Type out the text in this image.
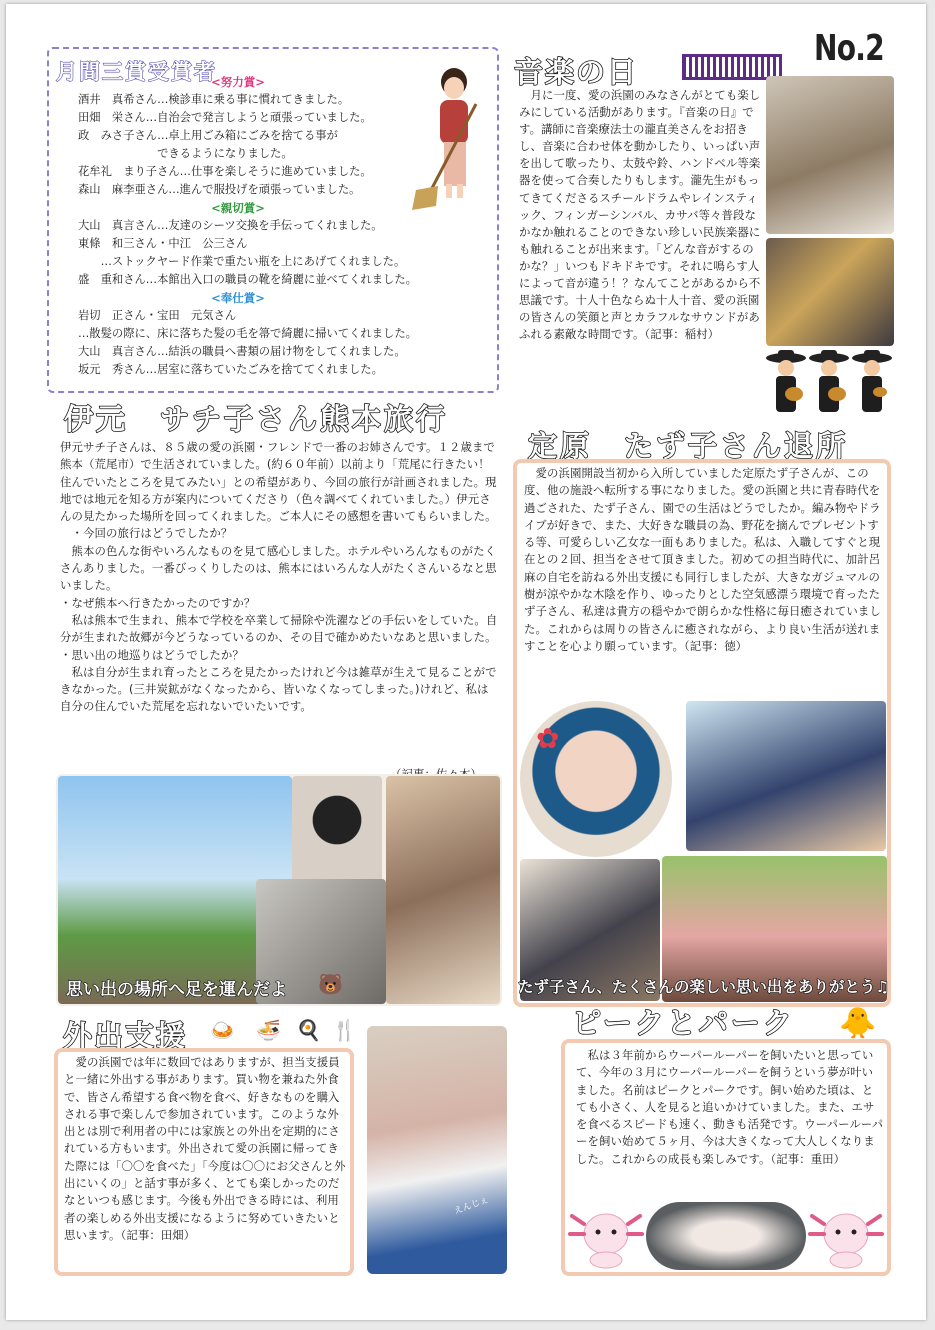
No.2
月間三賞受賞者
<努力賞>
酒井　真希さん…検診車に乗る事に慣れてきました。
田畑　栄さん…自治会で発言しようと頑張っていました。
政　みさ子さん…卓上用ごみ箱にごみを捨てる事が
　　　　　　　できるようになりました。
花牟礼　まり子さん…仕事を楽しそうに進めていました。
森山　麻李亜さん…進んで服投げを頑張っていました。
<親切賞>
大山　真言さん…友達のシーツ交換を手伝ってくれました。
東條　和三さん・中江　公三さん
　　…ストックヤード作業で重たい瓶を上にあげてくれました。
盛　重和さん…本館出入口の職員の靴を綺麗に並べてくれました。
<奉仕賞>
岩切　正さん・宝田　元気さん
…散髪の際に、床に落ちた髪の毛を箒で綺麗に掃いてくれました。
大山　真言さん…結浜の職員へ書類の届け物をしてくれました。
坂元　秀さん…居室に落ちていたごみを捨ててくれました。
音楽の日

　月に一度、愛の浜園のみなさんがとても楽しみにしている活動があります。『音楽の日』です。講師に音楽療法士の瀧直美さんをお招きし、音楽に合わせ体を動かしたり、いっぱい声を出して歌ったり、太鼓や鈴、ハンドベル等楽器を使って合奏したりもします。瀧先生がもってきてくださるスチールドラムやレインスティック、フィンガーシンバル、カサバ等々普段なかなか触れることのできない珍しい民族楽器にも触れることが出来ます。「どんな音がするのかな？」いつもドキドキです。それに鳴らす人によって音が違う！？なんてことがあるから不思議です。十人十色ならぬ十人十音、愛の浜園の皆さんの笑顔と声とカラフルなサウンドがあふれる素敵な時間です。（記事：稲村）

伊元　サチ子さん熊本旅行

伊元サチ子さんは、８５歳の愛の浜園・フレンドで一番のお姉さんです。１２歳まで熊本（荒尾市）で生活されていました。(約６０年前）以前より「荒尾に行きたい！住んでいたところを見てみたい」との希望があり、今回の旅行が計画されました。現地では地元を知る方が案内についてくださり（色々調べてくれていました。）伊元さんの見たかった場所を回ってくれました。ご本人にその感想を書いてもらいました。

　・今回の旅行はどうでしたか？

　熊本の色んな街やいろんなものを見て感心しました。ホテルやいろんなものがたくさんありました。一番びっくりしたのは、熊本にはいろんな人がたくさんいるなと思いました。

・なぜ熊本へ行きたかったのですか？

　私は熊本で生まれ、熊本で学校を卒業して掃除や洗濯などの手伝いをしていた。自分が生まれた故郷が今どうなっているのか、その目で確かめたいなあと思いました。

・思い出の地巡りはどうでしたか？

　私は自分が生まれ育ったところを見たかったけれど今は雑草が生えて見ることができなかった。(三井炭鉱がなくなったから、皆いなくなってしまった。)けれど、私は自分の住んでいた荒尾を忘れないでいたいです。

思い出の場所へ足を運んだよ 🐻
定原　たず子さん退所

　愛の浜園開設当初から入所していました定原たず子さんが、この度、他の施設へ転所する事になりました。愛の浜園と共に青春時代を過ごされた、たず子さん、園での生活はどうでしたか。編み物やドライブが好きで、また、大好きな職員の為、野花を摘んでプレゼントする等、可愛らしい乙女な一面もありました。私は、入職してすぐと現在との２回、担当をさせて頂きました。初めての担当時代に、加計呂麻の自宅を訪ねる外出支援にも同行しましたが、大きなガジュマルの樹が涼やかな木陰を作り、ゆったりとした空気感漂う環境で育ったたず子さん、私達は貴方の穏やかで朗らかな性格に毎日癒されていました。これからは周りの皆さんに癒されながら、より良い生活が送れますことを心より願っています。（記事：徳）

✿
たず子さん、たくさんの楽しい思い出をありがとう♫
外出支援 🍛 🍜 🍳 🍴

　愛の浜園では年に数回ではありますが、担当支援員と一緒に外出する事があります。買い物を兼ねた外食で、皆さん希望する食べ物を食べ、好きなものを購入される事で楽しんで参加されています。このような外出とは別で利用者の中には家族との外出を定期的にされている方もいます。外出されて愛の浜園に帰ってきた際には「〇〇を食べた」「今度は〇〇にお父さんと外出にいくの」と話す事が多く、とても楽しかったのだなといつも感じます。今後も外出できる時には、利用者の楽しめる外出支援になるように努めていきたいと思います。（記事：田畑）

えんじぇ
ピークとパーク 🐥

　私は３年前からウーパールーパーを飼いたいと思っていて、今年の３月にウーパールーパーを飼うという夢が叶いました。名前はピークとパークです。飼い始めた頃は、とても小さく、人を見ると追いかけていました。また、エサを食べるスピードも速く、動きも活発です。ウーパールーパーを飼い始めて５ヶ月、今は大きくなって大人しくなりました。これからの成長も楽しみです。（記事：重田）
